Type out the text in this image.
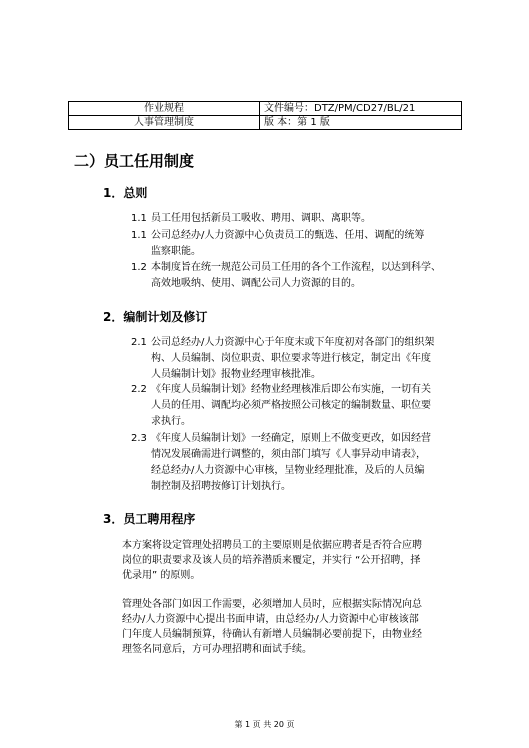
作业规程	文件编号：DTZ/PM/CD27/BL/21
人事管理制度	版 本：第 1 版
二）员工任用制度
1．总则
1.1 员工任用包括新员工吸收、聘用、调职、离职等。
1.1 公司总经办/人力资源中心负责员工的甄选、任用、调配的统筹
监察职能。
1.2 本制度旨在统一规范公司员工任用的各个工作流程，以达到科学、
高效地吸纳、使用、调配公司人力资源的目的。
2．编制计划及修订
2.1 公司总经办/人力资源中心于年度末或下年度初对各部门的组织架
构、人员编制、岗位职责、职位要求等进行核定，制定出《年度
人员编制计划》报物业经理审核批准。
2.2 《年度人员编制计划》经物业经理核准后即公布实施，一切有关
人员的任用、调配均必须严格按照公司核定的编制数量、职位要
求执行。
2.3 《年度人员编制计划》一经确定，原则上不做变更改，如因经营
情况发展确需进行调整的，须由部门填写《人事异动申请表》，
经总经办/人力资源中心审核，呈物业经理批准，及后的人员编
制控制及招聘按修订计划执行。
3．员工聘用程序
本方案将设定管理处招聘员工的主要原则是依据应聘者是否符合应聘
岗位的职责要求及该人员的培养潜质来覆定，并实行 “公开招聘，择
优录用” 的原则。
管理处各部门如因工作需要，必须增加人员时，应根据实际情况向总
经办/人力资源中心提出书面申请，由总经办/人力资源中心审核该部
门年度人员编制预算，待确认有新增人员编制必要前提下，由物业经
理签名同意后，方可办理招聘和面试手续。
第 1 页 共 20 页
